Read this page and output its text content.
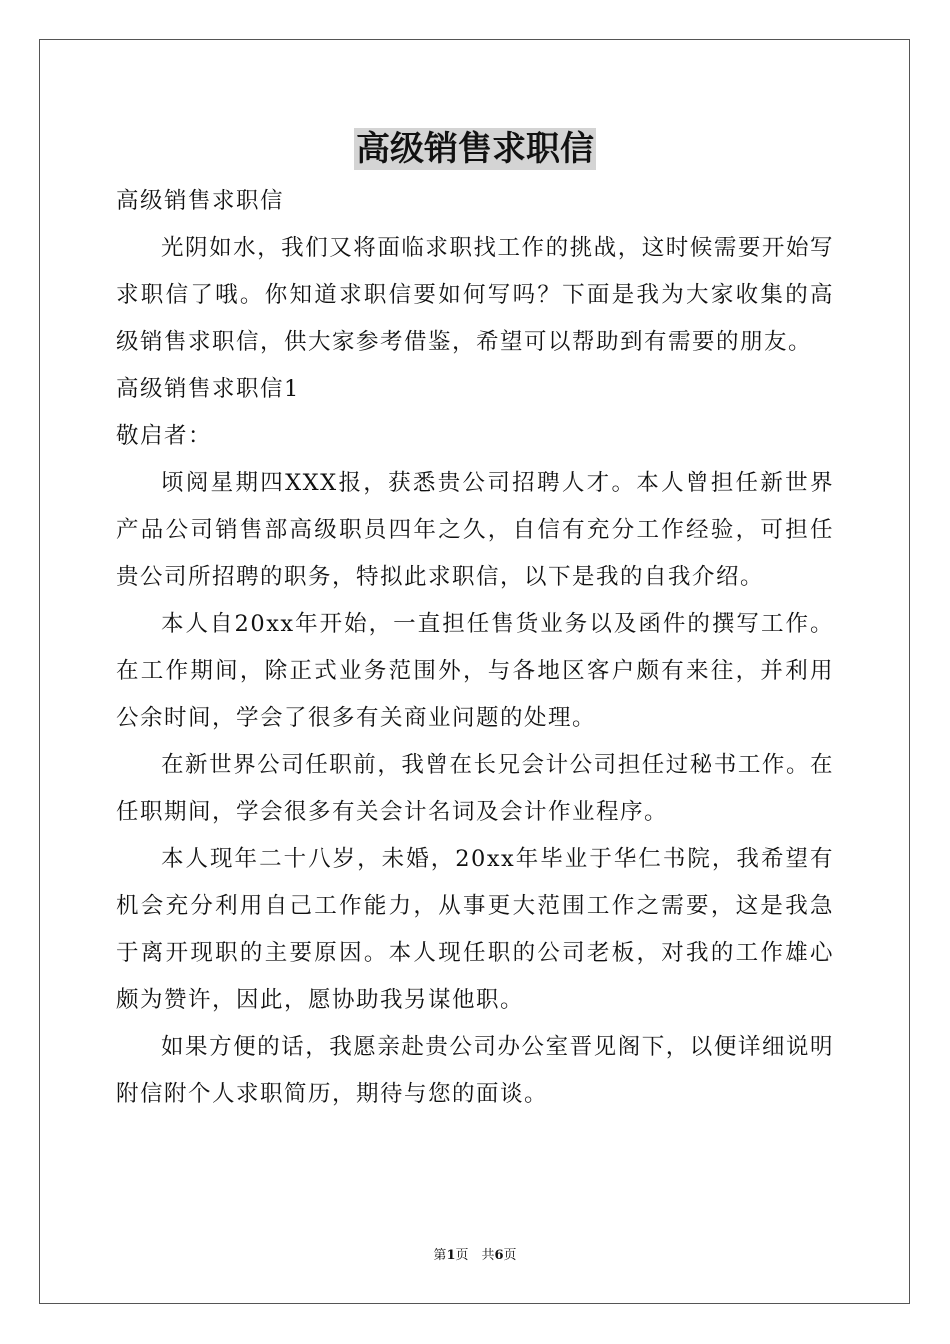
高级销售求职信

高级销售求职信

光阴如水，我们又将面临求职找工作的挑战，这时候需要开始写求职信了哦。你知道求职信要如何写吗？下面是我为大家收集的高级销售求职信，供大家参考借鉴，希望可以帮助到有需要的朋友。

高级销售求职信1

敬启者：

顷阅星期四XXX报，获悉贵公司招聘人才。本人曾担任新世界产品公司销售部高级职员四年之久，自信有充分工作经验，可担任贵公司所招聘的职务，特拟此求职信，以下是我的自我介绍。

本人自20xx年开始，一直担任售货业务以及函件的撰写工作。在工作期间，除正式业务范围外，与各地区客户颇有来往，并利用公余时间，学会了很多有关商业问题的处理。

在新世界公司任职前，我曾在长兄会计公司担任过秘书工作。在任职期间，学会很多有关会计名词及会计作业程序。

本人现年二十八岁，未婚，20xx年毕业于华仁书院，我希望有机会充分利用自己工作能力，从事更大范围工作之需要，这是我急于离开现职的主要原因。本人现任职的公司老板，对我的工作雄心颇为赞许，因此，愿协助我另谋他职。

如果方便的话，我愿亲赴贵公司办公室晋见阁下，以便详细说明附信附个人求职简历，期待与您的面谈。

第1页　共6页
